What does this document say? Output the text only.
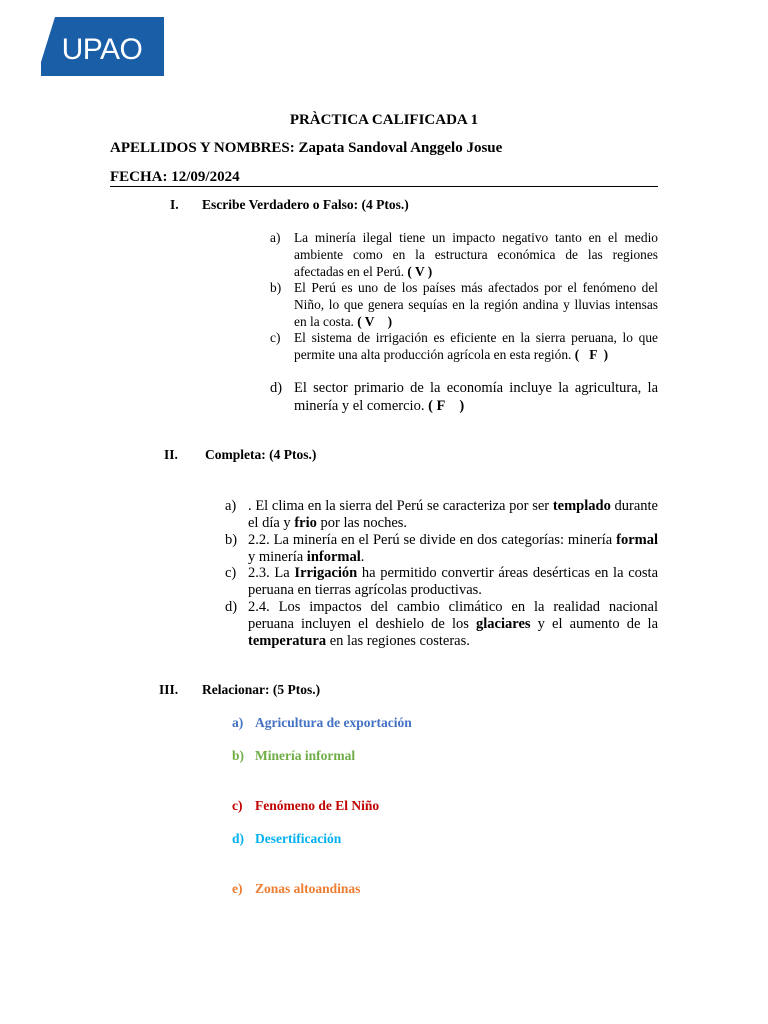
UPAO
PRÀCTICA CALIFICADA 1
APELLIDOS Y NOMBRES: Zapata Sandoval Anggelo Josue
FECHA: 12/09/2024
I. Escribe Verdadero o Falso: (4 Ptos.)
a) La minería ilegal tiene un impacto negativo tanto en el medio ambiente como en la estructura económica de las regiones afectadas en el Perú. ( V )
b) El Perú es uno de los países más afectados por el fenómeno del Niño, lo que genera sequías en la región andina y lluvias intensas en la costa. ( V    )
c) El sistema de irrigación es eficiente en la sierra peruana, lo que permite una alta producción agrícola en esta región. (   F  )
d) El sector primario de la economía incluye la agricultura, la minería y el comercio. ( F    )
II. Completa: (4 Ptos.)
a) . El clima en la sierra del Perú se caracteriza por ser templado durante el día y frio por las noches.
b) 2.2. La minería en el Perú se divide en dos categorías: minería formal y minería informal.
c) 2.3. La Irrigación ha permitido convertir áreas desérticas en la costa peruana en tierras agrícolas productivas.
d) 2.4. Los impactos del cambio climático en la realidad nacional peruana incluyen el deshielo de los glaciares y el aumento de la temperatura en las regiones costeras.
III. Relacionar: (5 Ptos.)
a) Agricultura de exportación
b) Minería informal
c) Fenómeno de El Niño
d) Desertificación
e) Zonas altoandinas
